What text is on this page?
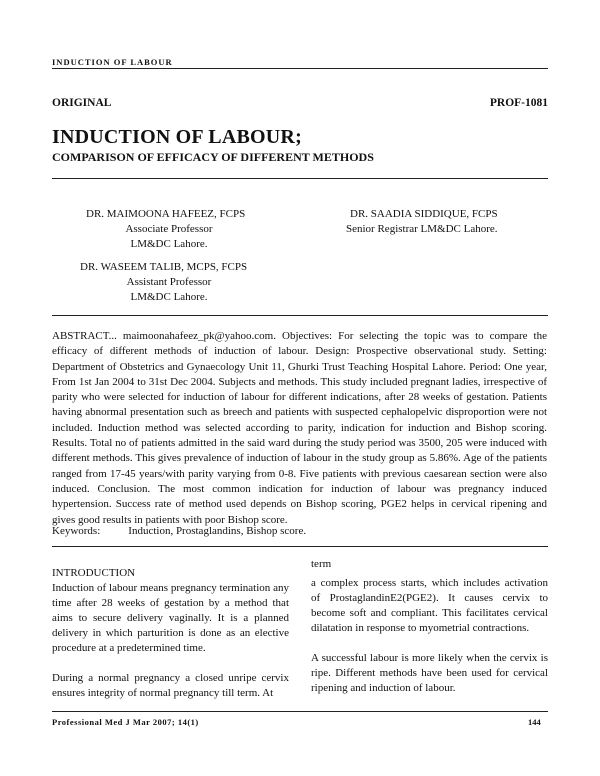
INDUCTION OF LABOUR
ORIGINAL	PROF-1081
INDUCTION OF LABOUR;
COMPARISON OF EFFICACY OF DIFFERENT METHODS
DR. MAIMOONA HAFEEZ, FCPS
Associate Professor
LM&DC Lahore.
DR. SAADIA SIDDIQUE, FCPS
Senior Registrar LM&DC Lahore.
DR. WASEEM TALIB, MCPS, FCPS
Assistant Professor
LM&DC Lahore.

ABSTRACT... maimoonahafeez_pk@yahoo.com. Objectives: For selecting the topic was to compare the efficacy of different methods of induction of labour. Design: Prospective observational study. Setting: Department of Obstetrics and Gynaecology Unit 11, Ghurki Trust Teaching Hospital Lahore. Period: One year, From 1st Jan 2004 to 31st Dec 2004. Subjects and methods. This study included pregnant ladies, irrespective of parity who were selected for induction of labour for different indications, after 28 weeks of gestation. Patients having abnormal presentation such as breech and patients with suspected cephalopelvic disproportion were not included. Induction method was selected according to parity, indication for induction and Bishop scoring. Results. Total no of patients admitted in the said ward during the study period was 3500, 205 were induced with different methods. This gives prevalence of induction of labour in the study group as 5.86%. Age of the patients ranged from 17-45 years/with parity varying from 0-8. Five patients with previous caesarean section were also induced. Conclusion. The most common indication for induction of labour was pregnancy induced hypertension. Success rate of method used depends on Bishop scoring, PGE2 helps in cervical ripening and gives good results in patients with poor Bishop score.

Keywords:	Induction, Prostaglandins, Bishop score.
INTRODUCTION

Induction of labour means pregnancy termination any time after 28 weeks of gestation by a method that aims to secure delivery vaginally. It is a planned delivery in which parturition is done as an elective procedure at a predetermined time.

During a normal pregnancy a closed unripe cervix ensures integrity of normal pregnancy till term. At

term

a complex process starts, which includes activation of ProstaglandinE2(PGE2). It causes cervix to become soft and compliant. This facilitates cervical dilatation in response to myometrial contractions.

A successful labour is more likely when the cervix is ripe. Different methods have been used for cervical ripening and induction of labour.

Professional Med J Mar 2007; 14(1)	144
